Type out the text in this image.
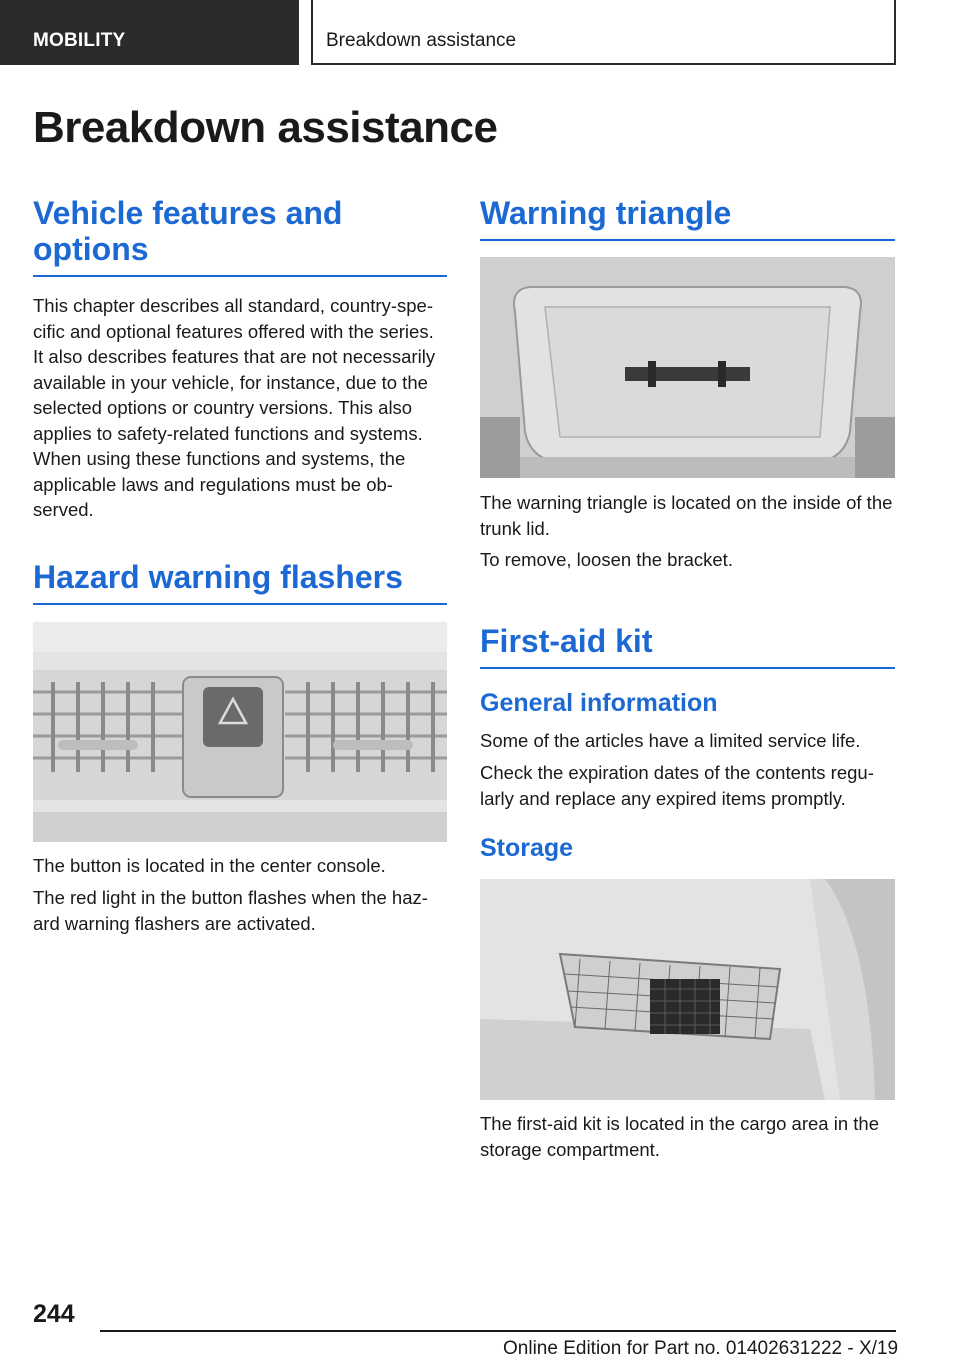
MOBILITY	Breakdown assistance
Breakdown assistance
Vehicle features and options

This chapter describes all standard, country-spe-cific and optional features offered with the series. It also describes features that are not necessarily available in your vehicle, for instance, due to the selected options or country versions. This also applies to safety-related functions and systems. When using these functions and systems, the applicable laws and regulations must be ob-served.

Hazard warning flashers

The button is located in the center console.

The red light in the button flashes when the haz-ard warning flashers are activated.

Warning triangle

The warning triangle is located on the inside of the trunk lid.

To remove, loosen the bracket.

First-aid kit
General information

Some of the articles have a limited service life.

Check the expiration dates of the contents regu-larly and replace any expired items promptly.

Storage

The first-aid kit is located in the cargo area in the storage compartment.

244
Online Edition for Part no. 01402631222 - X/19
